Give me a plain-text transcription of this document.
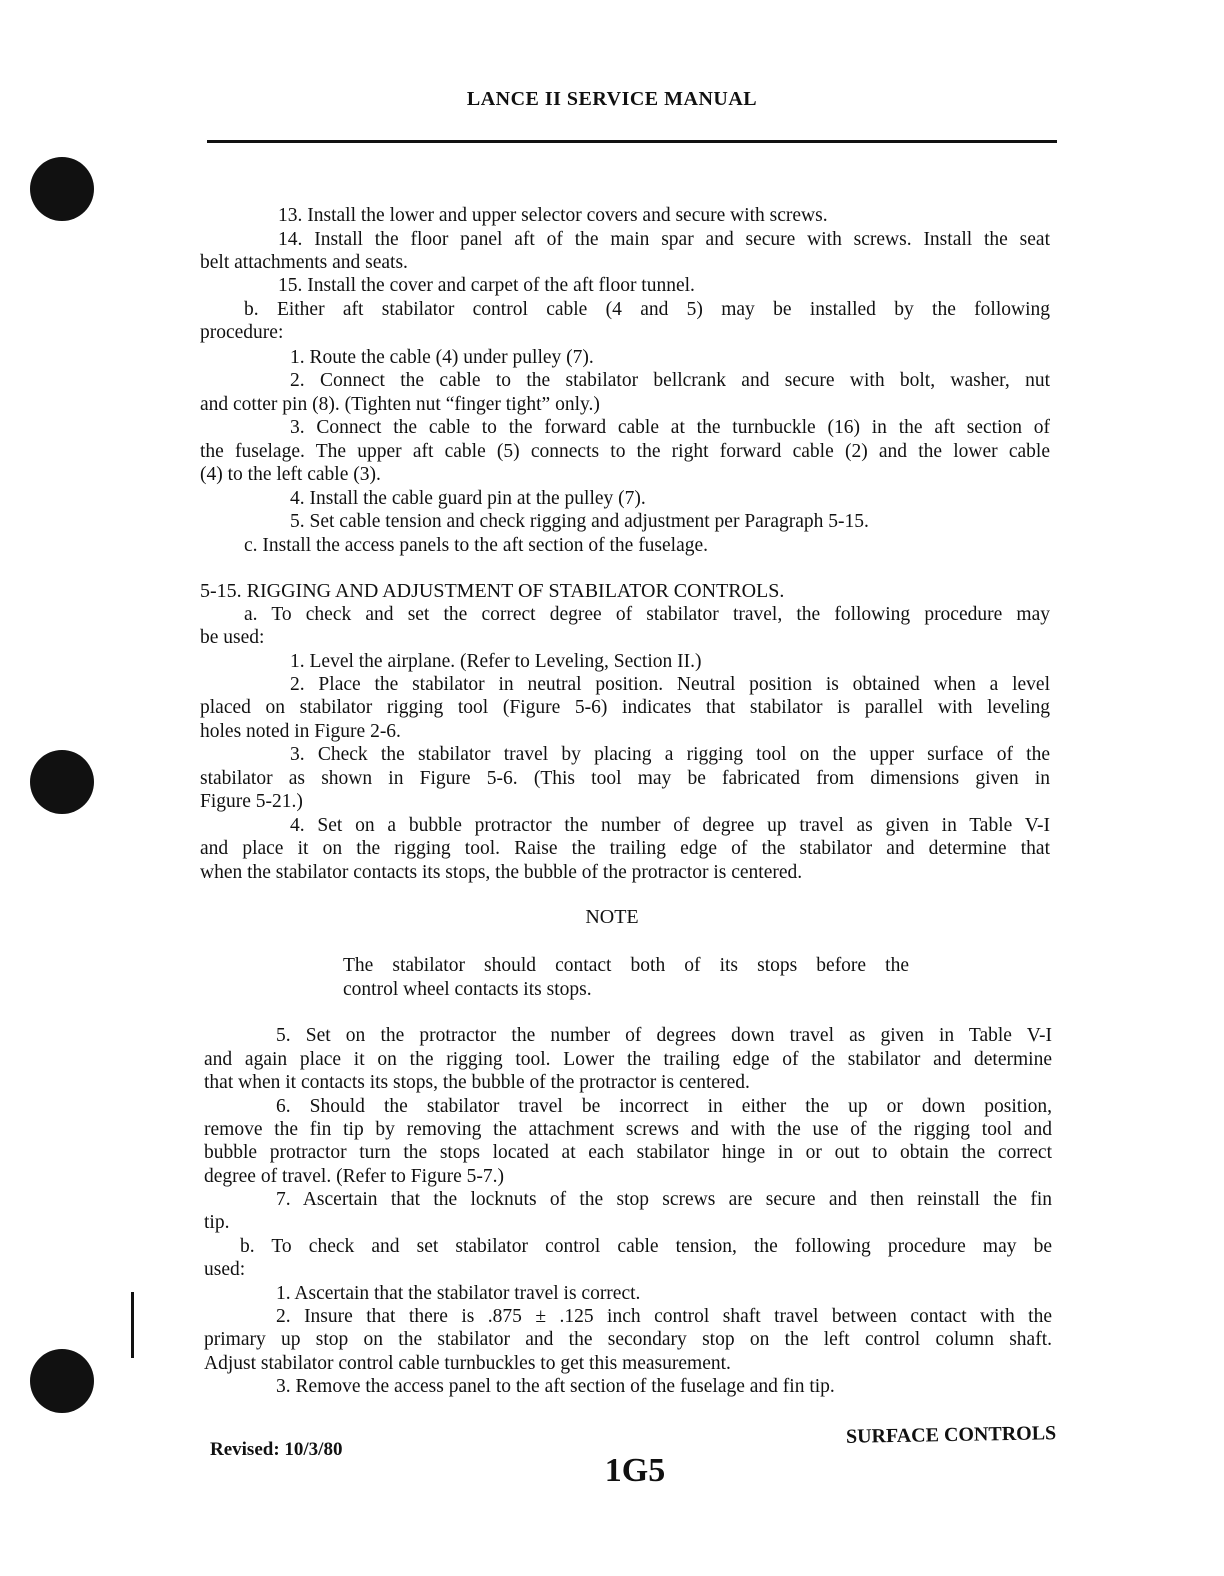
LANCE II SERVICE MANUAL
13. Install the lower and upper selector covers and secure with screws.
14. Install the floor panel aft of the main spar and secure with screws. Install the seat
belt attachments and seats.
15. Install the cover and carpet of the aft floor tunnel.
b. Either aft stabilator control cable (4 and 5) may be installed by the following
procedure:
1. Route the cable (4) under pulley (7).
2. Connect the cable to the stabilator bellcrank and secure with bolt, washer, nut
and cotter pin (8). (Tighten nut “finger tight” only.)
3. Connect the cable to the forward cable at the turnbuckle (16) in the aft section of
the fuselage. The upper aft cable (5) connects to the right forward cable (2) and the lower cable
(4) to the left cable (3).
4. Install the cable guard pin at the pulley (7).
5. Set cable tension and check rigging and adjustment per Paragraph 5-15.
c. Install the access panels to the aft section of the fuselage.
5-15. RIGGING AND ADJUSTMENT OF STABILATOR CONTROLS.
a. To check and set the correct degree of stabilator travel, the following procedure may
be used:
1. Level the airplane. (Refer to Leveling, Section II.)
2. Place the stabilator in neutral position. Neutral position is obtained when a level
placed on stabilator rigging tool (Figure 5-6) indicates that stabilator is parallel with leveling
holes noted in Figure 2-6.
3. Check the stabilator travel by placing a rigging tool on the upper surface of the
stabilator as shown in Figure 5-6. (This tool may be fabricated from dimensions given in
Figure 5-21.)
4. Set on a bubble protractor the number of degree up travel as given in Table V-I
and place it on the rigging tool. Raise the trailing edge of the stabilator and determine that
when the stabilator contacts its stops, the bubble of the protractor is centered.
NOTE
The stabilator should contact both of its stops before the
control wheel contacts its stops.
5. Set on the protractor the number of degrees down travel as given in Table V-I
and again place it on the rigging tool. Lower the trailing edge of the stabilator and determine
that when it contacts its stops, the bubble of the protractor is centered.
6. Should the stabilator travel be incorrect in either the up or down position,
remove the fin tip by removing the attachment screws and with the use of the rigging tool and
bubble protractor turn the stops located at each stabilator hinge in or out to obtain the correct
degree of travel. (Refer to Figure 5-7.)
7. Ascertain that the locknuts of the stop screws are secure and then reinstall the fin
tip.
b. To check and set stabilator control cable tension, the following procedure may be
used:
1. Ascertain that the stabilator travel is correct.
2. Insure that there is .875 ± .125 inch control shaft travel between contact with the
primary up stop on the stabilator and the secondary stop on the left control column shaft.
Adjust stabilator control cable turnbuckles to get this measurement.
3. Remove the access panel to the aft section of the fuselage and fin tip.
Revised: 10/3/80
1G5
SURFACE CONTROLS
